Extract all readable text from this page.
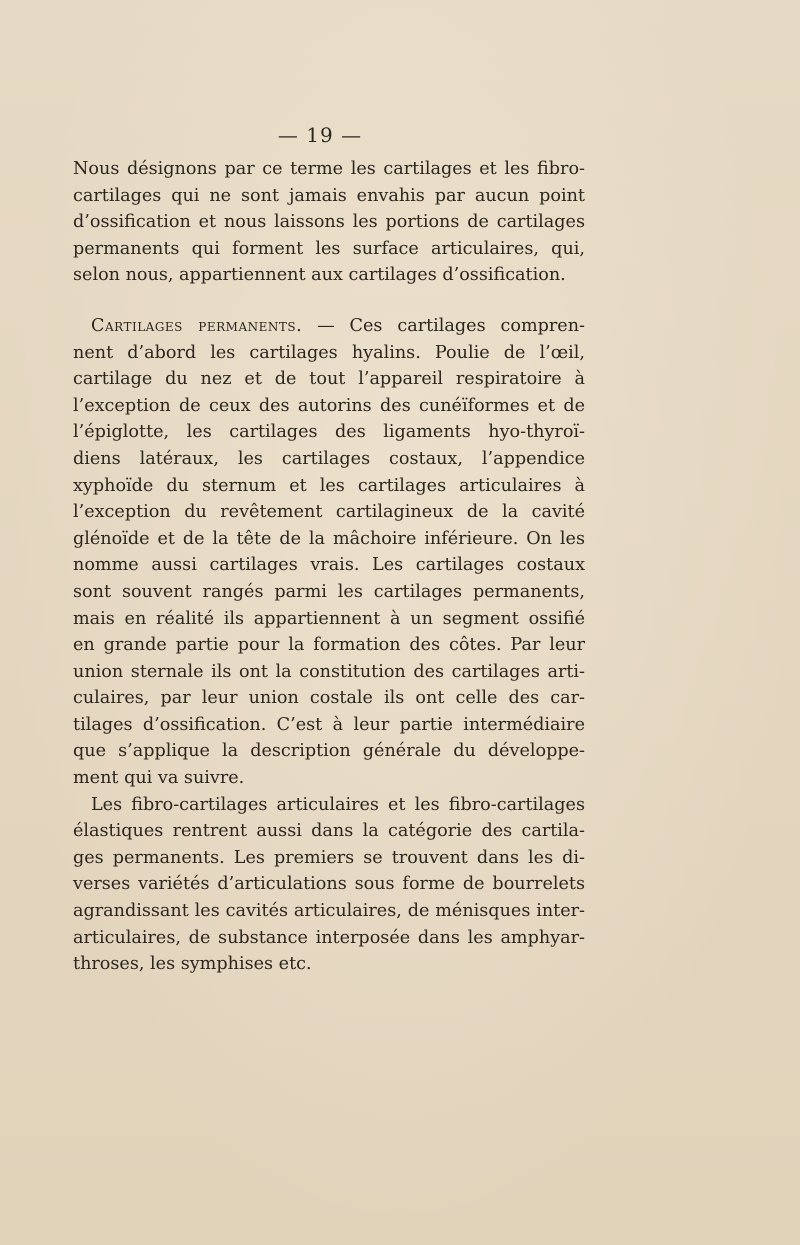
— 19 —
Nous désignons par ce terme les cartilages et les fibro-
cartilages qui ne sont jamais envahis par aucun point
d’ossification et nous laissons les portions de cartilages
permanents qui forment les surface articulaires, qui,
selon nous, appartiennent aux cartilages d’ossification.
Cartilages permanents. — Ces cartilages compren-
nent d’abord les cartilages hyalins. Poulie de l’œil,
cartilage du nez et de tout l’appareil respiratoire à
l’exception de ceux des autorins des cunéïformes et de
l’épiglotte, les cartilages des ligaments hyo-thyroï-
diens latéraux, les cartilages costaux, l’appendice
xyphoïde du sternum et les cartilages articulaires à
l’exception du revêtement cartilagineux de la cavité
glénoïde et de la tête de la mâchoire inférieure. On les
nomme aussi cartilages vrais. Les cartilages costaux
sont souvent rangés parmi les cartilages permanents,
mais en réalité ils appartiennent à un segment ossifié
en grande partie pour la formation des côtes. Par leur
union sternale ils ont la constitution des cartilages arti-
culaires, par leur union costale ils ont celle des car-
tilages d’ossification. C’est à leur partie intermédiaire
que s’applique la description générale du développe-
ment qui va suivre.
Les fibro-cartilages articulaires et les fibro-cartilages
élastiques rentrent aussi dans la catégorie des cartila-
ges permanents. Les premiers se trouvent dans les di-
verses variétés d’articulations sous forme de bourrelets
agrandissant les cavités articulaires, de ménisques inter-
articulaires, de substance interposée dans les amphyar-
throses, les symphises etc.
